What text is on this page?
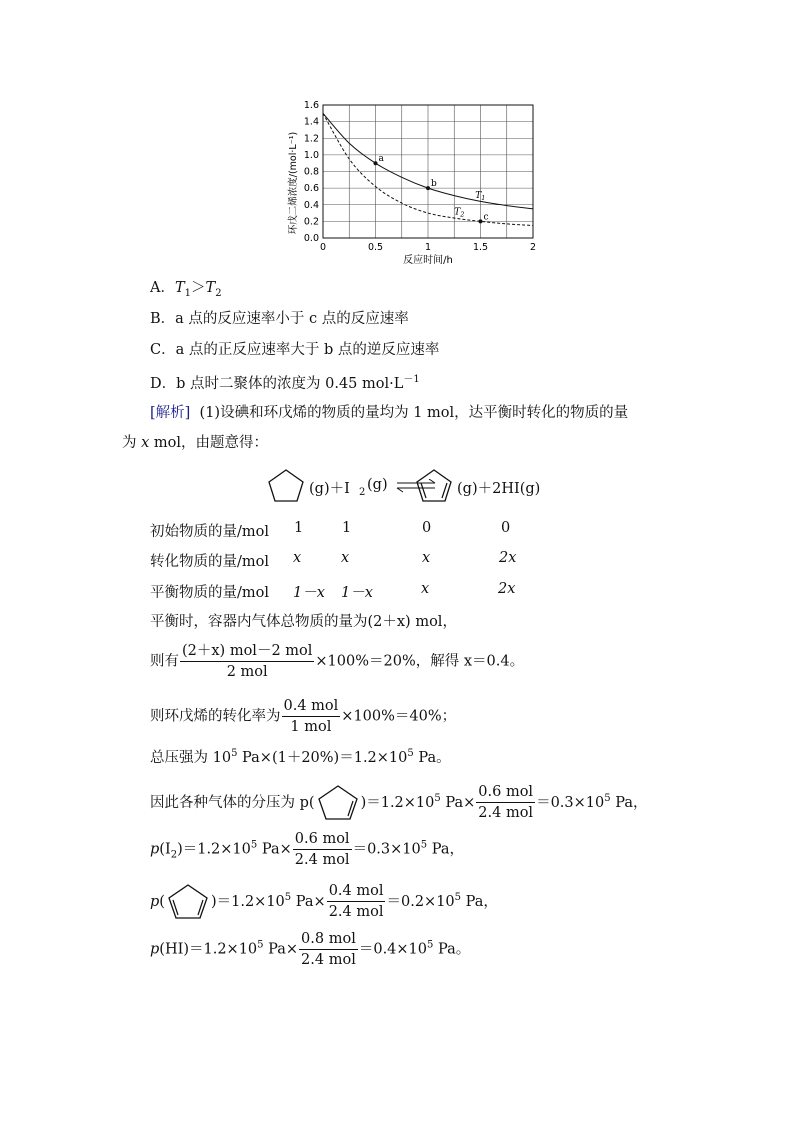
0	0.5	1	1.5	2
0.0
0.2
0.4
0.6
0.8
1.0
1.2
1.4
1.6
a
b
c
$T_1$
$T_2$
环戊二烯浓度/(mol·L⁻¹)
反应时间/h
A．$T_1>T_2$
B．a 点的反应速率小于 c 点的反应速率
C．a 点的正反应速率大于 b 点的逆反应速率
D．b 点时二聚体的浓度为 0.45 $mol\cdot L^{-1}$
[解析] (1)设碘和环戊烯的物质的量均为 1 mol，达平衡时转化的物质的量
为 x mol，由题意得：
(g)＋I 2 (g) ⇌ (g)＋2HI(g)
初始物质的量/mol 1	1	0	0
转化物质的量/mol x	x	x	2x
平衡物质的量/mol 1－x 1－x	x	2x
平衡时，容器内气体总物质的量为(2＋x) mol，
则有 $\frac{\text{(2＋x) mol－2 mol}}{\text{2 mol}} \times 100\%=20\%$，解得 x＝0.4。
则环戊烯的转化率为 $\frac{\text{0.4 mol}}{\text{1 mol}} \times 100\%=40\%$；
总压强为 $10^5$ $Pa\times(1+20\%)=1.2\times 10^5$ Pa。
因此各种气体的分压为 p(	)$=1.2\times 10^5$ $Pa\times \frac{\text{0.6 mol}}{\text{2.4 mol}} =0.3\times 10^5$ Pa，
$p(I_2)=1.2\times 10^5$ $Pa\times \frac{\text{0.6 mol}}{\text{2.4 mol}} =0.3\times 10^5$ Pa，
p(	)$=1.2\times 10^5$ $Pa\times \frac{\text{0.4 mol}}{\text{2.4 mol}} =0.2\times 10^5$ Pa，
$p(HI)=1.2\times 10^5$ $Pa\times \frac{\text{0.8 mol}}{\text{2.4 mol}} =0.4\times 10^5$ Pa。
